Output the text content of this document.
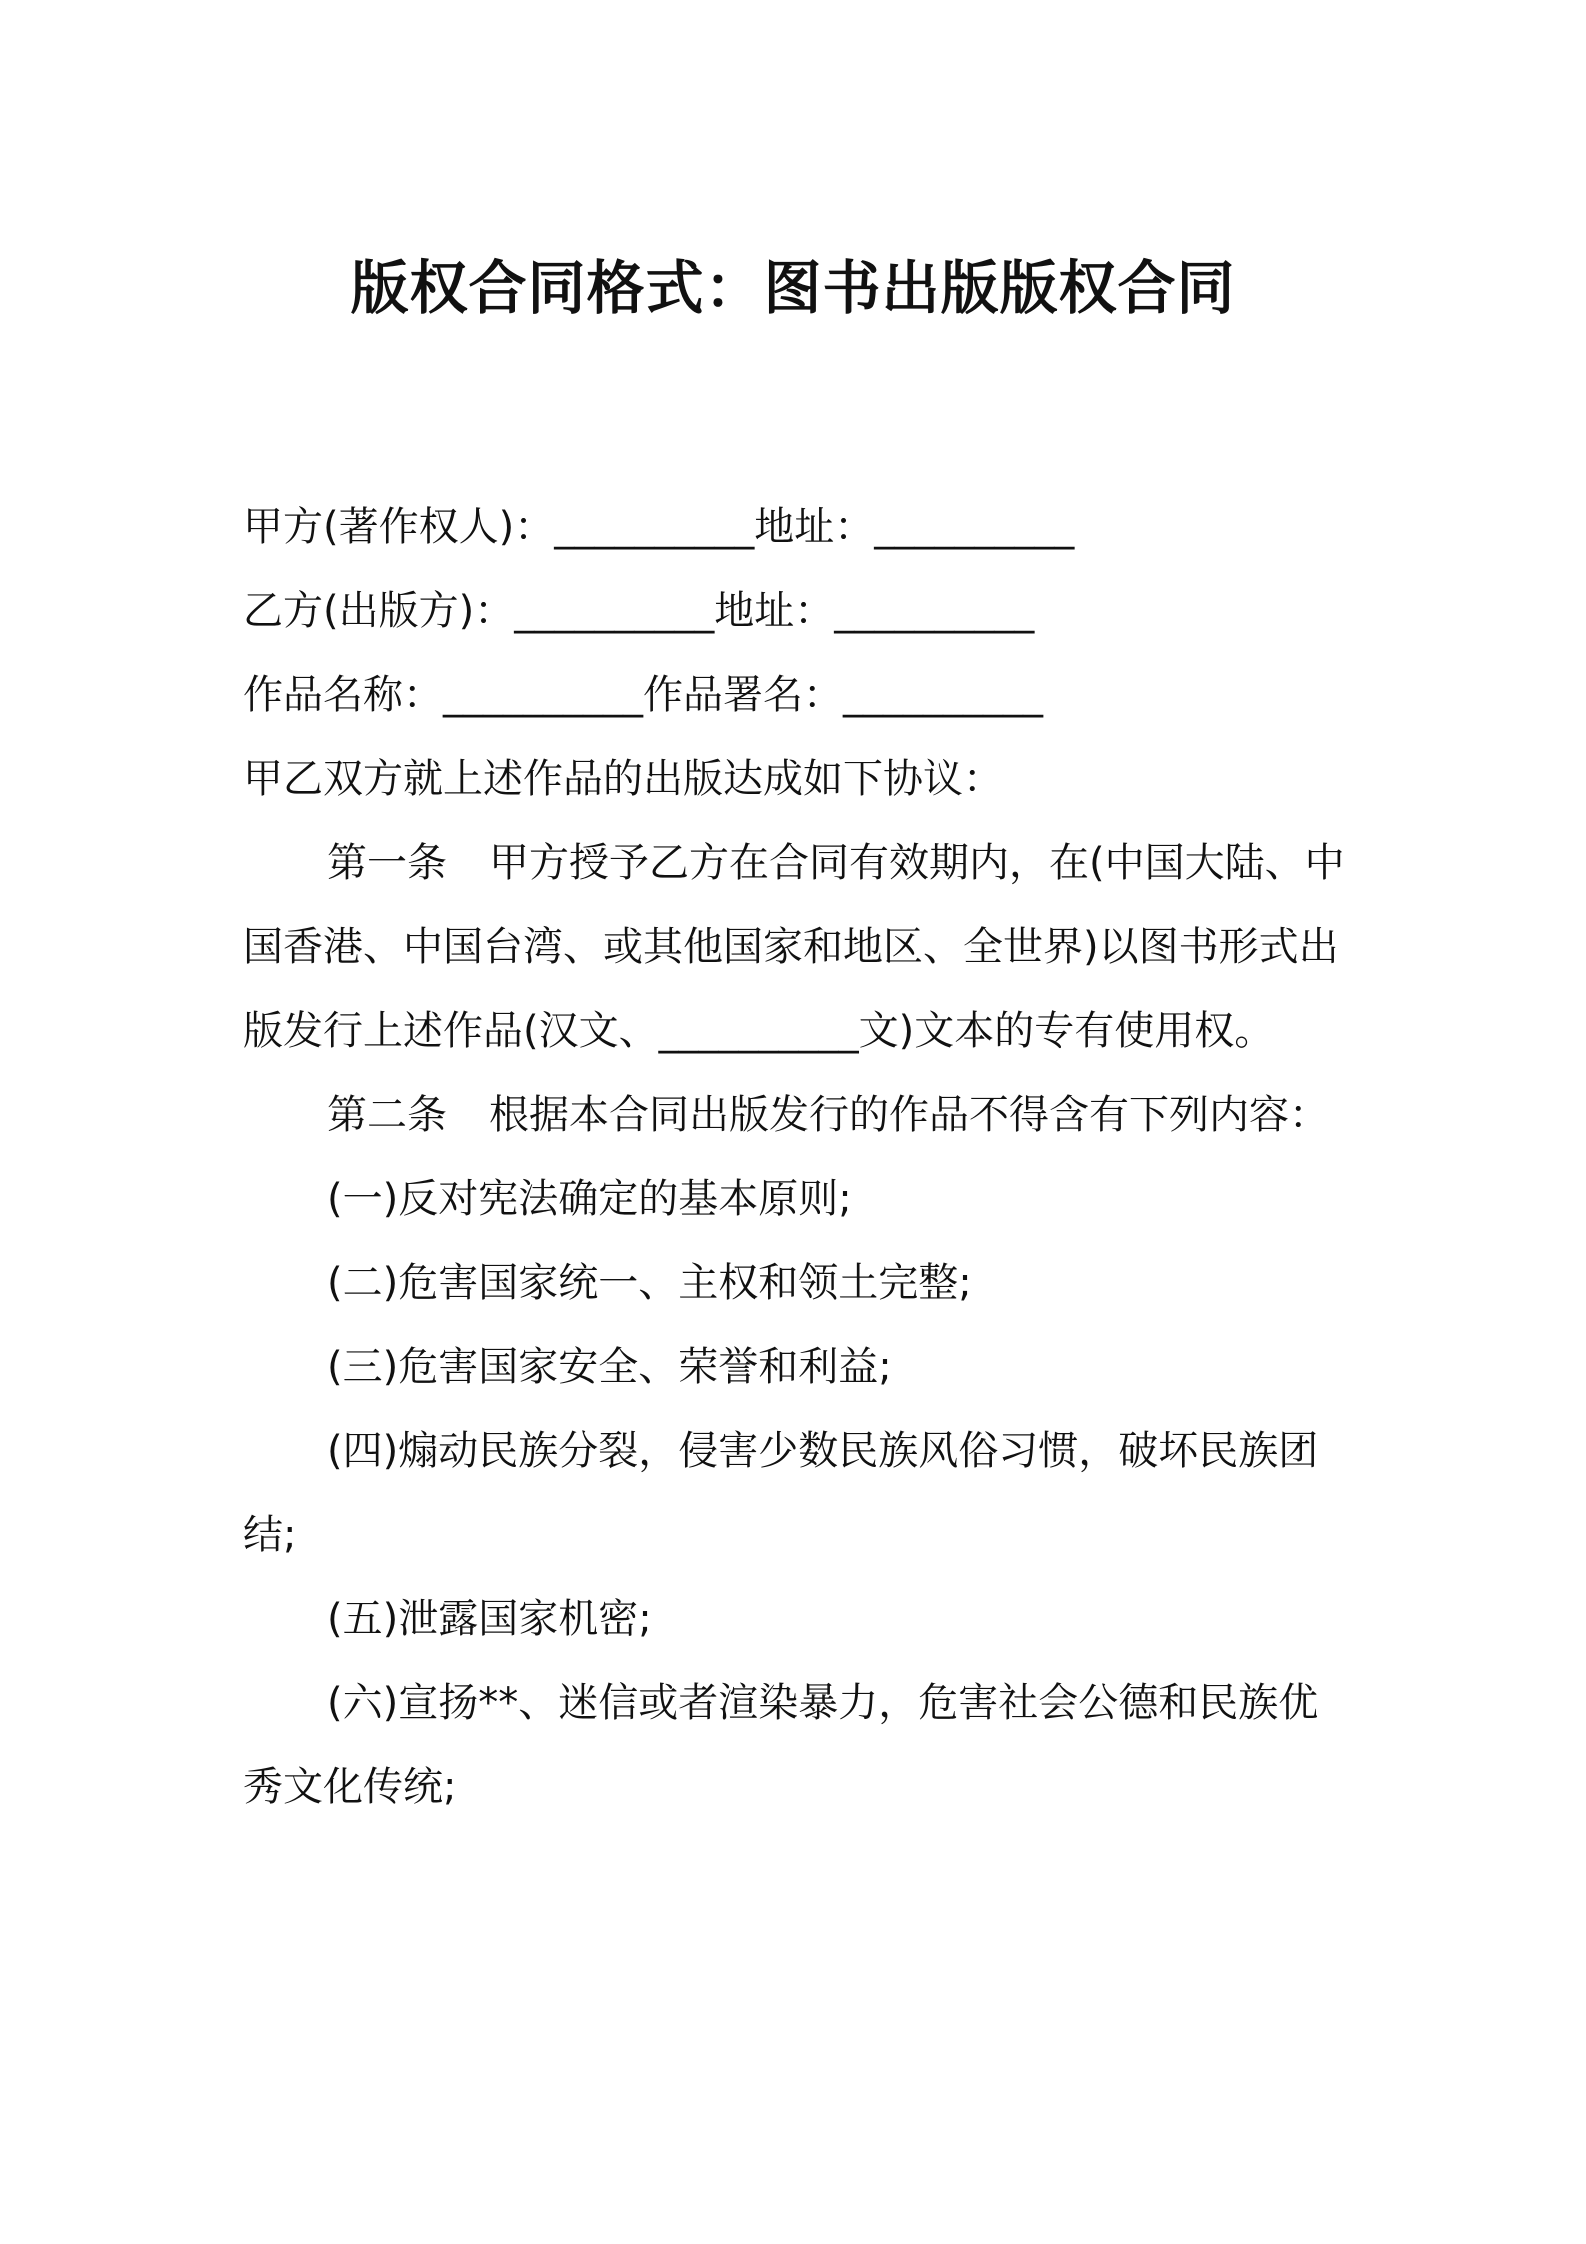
版权合同格式：图书出版版权合同

甲方(著作权人)：__________地址：__________

乙方(出版方)：__________地址：__________

作品名称：__________作品署名：__________

甲乙双方就上述作品的出版达成如下协议：

第一条 甲方授予乙方在合同有效期内，在(中国大陆、中国香港、中国台湾、或其他国家和地区、全世界)以图书形式出版发行上述作品(汉文、__________文)文本的专有使用权。

第二条 根据本合同出版发行的作品不得含有下列内容：

(一)反对宪法确定的基本原则;

(二)危害国家统一、主权和领土完整;

(三)危害国家安全、荣誉和利益;

(四)煽动民族分裂，侵害少数民族风俗习惯，破坏民族团结;

(五)泄露国家机密;

(六)宣扬**、迷信或者渲染暴力，危害社会公德和民族优秀文化传统;
